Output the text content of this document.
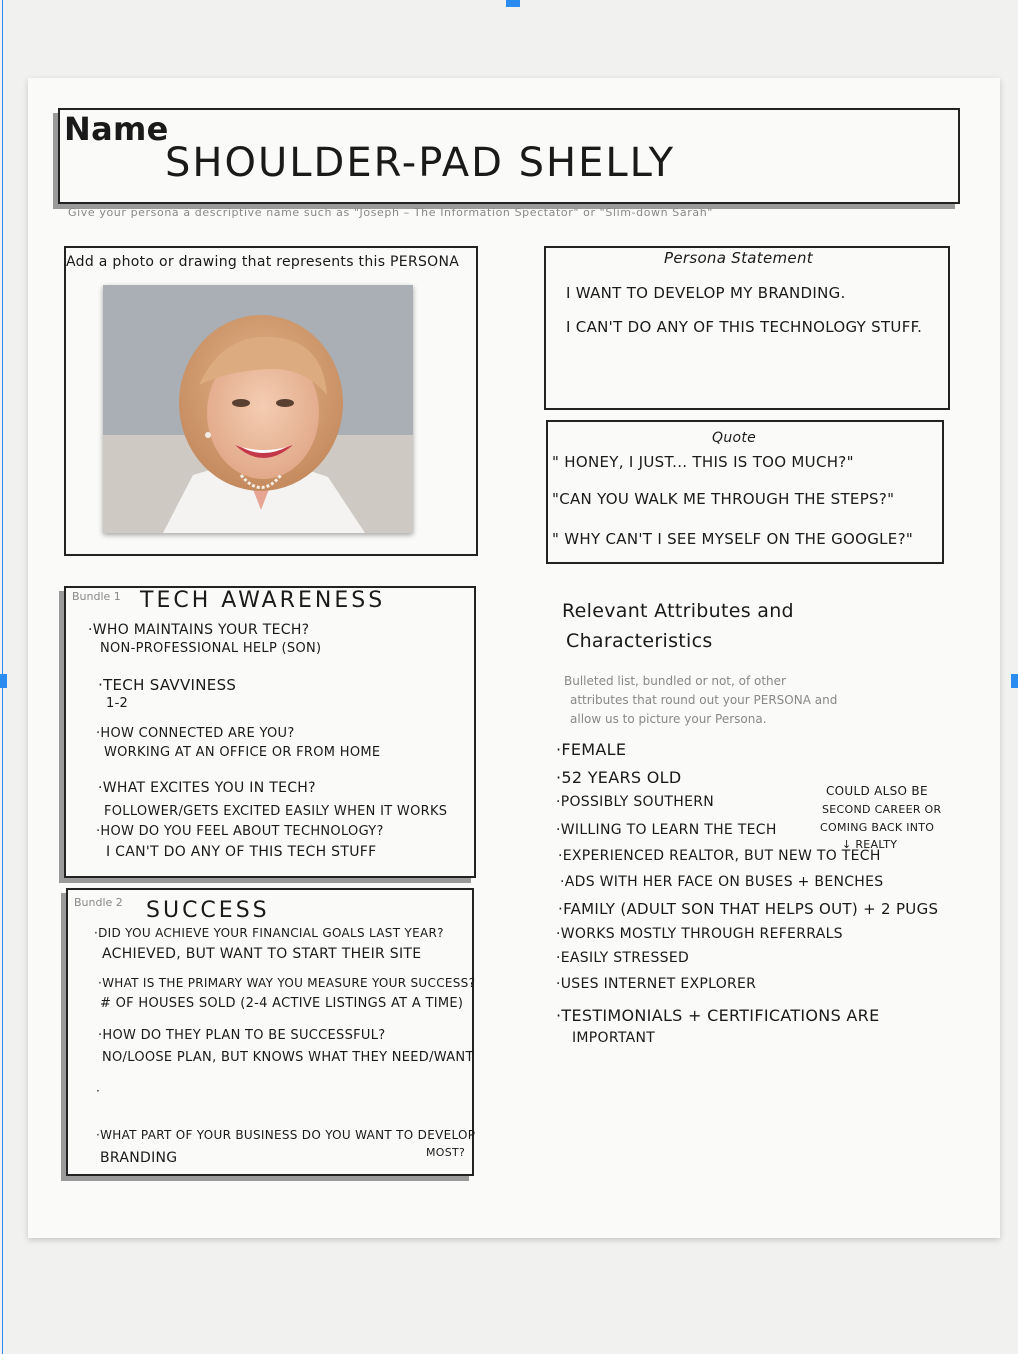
Name
SHOULDER-PAD SHELLY
Give your persona a descriptive name such as "Joseph – The Information Spectator" or "Slim-down Sarah"
Add a photo or drawing that represents this PERSONA	Persona Statement
I WANT TO DEVELOP MY BRANDING.
I CAN'T DO ANY OF THIS TECHNOLOGY STUFF.
Quote
" HONEY, I JUST... THIS IS TOO MUCH?"
"CAN YOU WALK ME THROUGH THE STEPS?"
" WHY CAN'T I SEE MYSELF ON THE GOOGLE?"
Bundle 1 TECH AWARENESS
·WHO MAINTAINS YOUR TECH?
NON-PROFESSIONAL HELP (SON)
·TECH SAVVINESS
1-2
·HOW CONNECTED ARE YOU?
WORKING AT AN OFFICE OR FROM HOME
·WHAT EXCITES YOU IN TECH?
FOLLOWER/GETS EXCITED EASILY WHEN IT WORKS
·HOW DO YOU FEEL ABOUT TECHNOLOGY?
I CAN'T DO ANY OF THIS TECH STUFF
Bundle 2 SUCCESS
·DID YOU ACHIEVE YOUR FINANCIAL GOALS LAST YEAR?
ACHIEVED, BUT WANT TO START THEIR SITE
·WHAT IS THE PRIMARY WAY YOU MEASURE YOUR SUCCESS?
# OF HOUSES SOLD (2-4 ACTIVE LISTINGS AT A TIME)
·HOW DO THEY PLAN TO BE SUCCESSFUL?
NO/LOOSE PLAN, BUT KNOWS WHAT THEY NEED/WANT
·
·WHAT PART OF YOUR BUSINESS DO YOU WANT TO DEVELOP
MOST?
BRANDING
Relevant Attributes and
Characteristics
Bulleted list, bundled or not, of other
attributes that round out your PERSONA and
allow us to picture your Persona.
·FEMALE
·52 YEARS OLD
·POSSIBLY SOUTHERN
·WILLING TO LEARN THE TECH
·EXPERIENCED REALTOR, BUT NEW TO TECH
·ADS WITH HER FACE ON BUSES + BENCHES
·FAMILY (ADULT SON THAT HELPS OUT) + 2 PUGS
·WORKS MOSTLY THROUGH REFERRALS
·EASILY STRESSED
·USES INTERNET EXPLORER
·TESTIMONIALS + CERTIFICATIONS ARE
IMPORTANT
COULD ALSO BE
SECOND CAREER OR
COMING BACK INTO
↓ REALTY
